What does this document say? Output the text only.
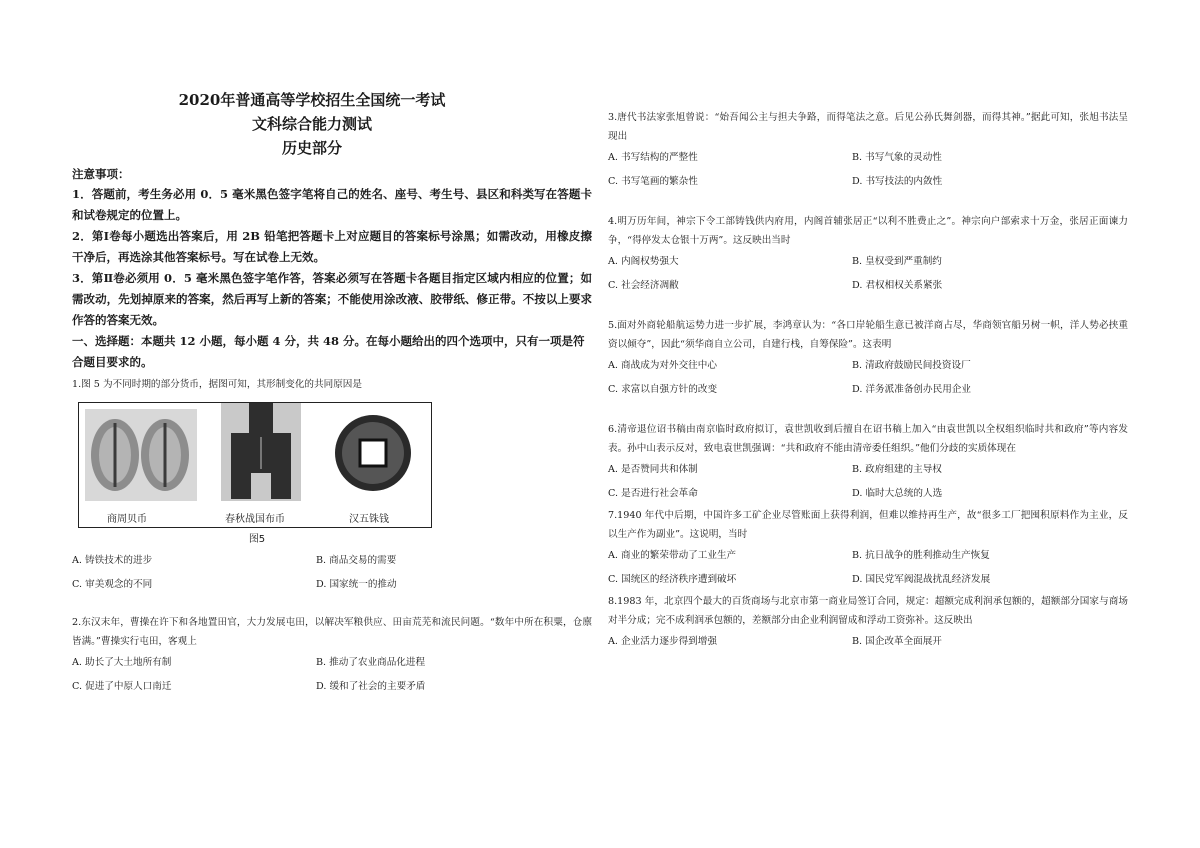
2020年普通高等学校招生全国统一考试
文科综合能力测试
历史部分
注意事项：

1．答题前，考生务必用 0．5 毫米黑色签字笔将自己的姓名、座号、考生号、县区和科类写在答题卡和试卷规定的位置上。

2．第Ⅰ卷每小题选出答案后，用 2B 铅笔把答题卡上对应题目的答案标号涂黑；如需改动，用橡皮擦干净后，再选涂其他答案标号。写在试卷上无效。

3．第Ⅱ卷必须用 0．5 毫米黑色签字笔作答，答案必须写在答题卡各题目指定区域内相应的位置；如需改动，先划掉原来的答案，然后再写上新的答案；不能使用涂改液、胶带纸、修正带。不按以上要求作答的答案无效。

一、选择题：本题共 12 小题，每小题 4 分，共 48 分。在每小题给出的四个选项中，只有一项是符合题目要求的。

1.图 5 为不同时期的部分货币，据图可知，其形制变化的共同原因是

商周贝币	春秋战国布币	汉五铢钱
图5
A. 铸铁技术的进步	B. 商品交易的需要
C. 审美观念的不同	D. 国家统一的推动

2.东汉末年，曹操在许下和各地置田官，大力发展屯田，以解决军粮供应、田亩荒芜和流民问题。“数年中所在积粟，仓廪皆满。”曹操实行屯田，客观上

A. 助长了大土地所有制	B. 推动了农业商品化进程
C. 促进了中原人口南迁	D. 缓和了社会的主要矛盾

3.唐代书法家张旭曾说：“始吾闻公主与担夫争路，而得笔法之意。后见公孙氏舞剑器，而得其神。”据此可知，张旭书法呈现出

A. 书写结构的严整性	B. 书写气象的灵动性
C. 书写笔画的繁杂性	D. 书写技法的内敛性

4.明万历年间，神宗下令工部铸钱供内府用，内阁首辅张居正“以利不胜费止之”。神宗向户部索求十万金，张居正面谏力争，“得停发太仓银十万两”。这反映出当时

A. 内阁权势强大	B. 皇权受到严重制约
C. 社会经济凋敝	D. 君权相权关系紧张

5.面对外商轮船航运势力进一步扩展，李鸿章认为：“各口岸轮船生意已被洋商占尽，华商领官船另树一帜，洋人势必挟重资以倾夺”，因此“须华商自立公司，自建行栈，自筹保险”。这表明

A. 商战成为对外交往中心	B. 清政府鼓励民间投资设厂
C. 求富以自强方针的改变	D. 洋务派准备创办民用企业

6.清帝退位诏书稿由南京临时政府拟订，袁世凯收到后擅自在诏书稿上加入“由袁世凯以全权组织临时共和政府”等内容发表。孙中山表示反对，致电袁世凯强调：“共和政府不能由清帝委任组织。”他们分歧的实质体现在

A. 是否赞同共和体制	B. 政府组建的主导权
C. 是否进行社会革命	D. 临时大总统的人选

7.1940 年代中后期，中国许多工矿企业尽管账面上获得利润，但难以维持再生产，故“很多工厂把囤积原料作为主业，反以生产作为副业”。这说明，当时

A. 商业的繁荣带动了工业生产	B. 抗日战争的胜利推动生产恢复
C. 国统区的经济秩序遭到破坏	D. 国民党军阀混战扰乱经济发展

8.1983 年，北京四个最大的百货商场与北京市第一商业局签订合同，规定：超额完成利润承包额的，超额部分国家与商场对半分成；完不成利润承包额的，差额部分由企业利润留成和浮动工资弥补。这反映出

A. 企业活力逐步得到增强	B. 国企改革全面展开
